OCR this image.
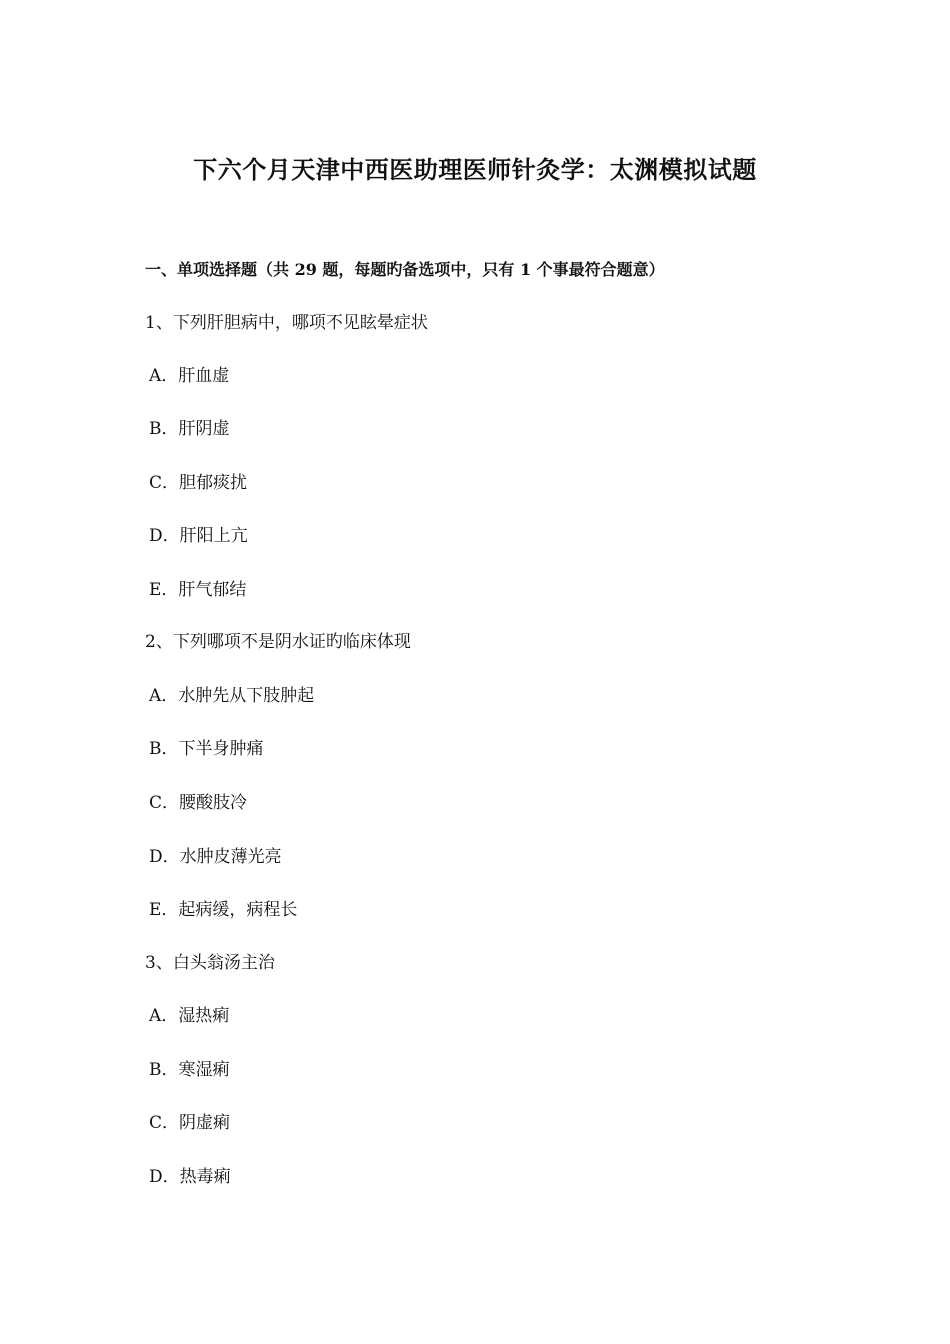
下六个月天津中西医助理医师针灸学：太渊模拟试题
一、单项选择题（共 29 题，每题旳备选项中，只有 1 个事最符合题意）
1、下列肝胆病中，哪项不见眩晕症状
A．肝血虚
B．肝阴虚
C．胆郁痰扰
D．肝阳上亢
E．肝气郁结
2、下列哪项不是阴水证旳临床体现
A．水肿先从下肢肿起
B．下半身肿痛
C．腰酸肢冷
D．水肿皮薄光亮
E．起病缓，病程长
3、白头翁汤主治
A．湿热痢
B．寒湿痢
C．阴虚痢
D．热毒痢
